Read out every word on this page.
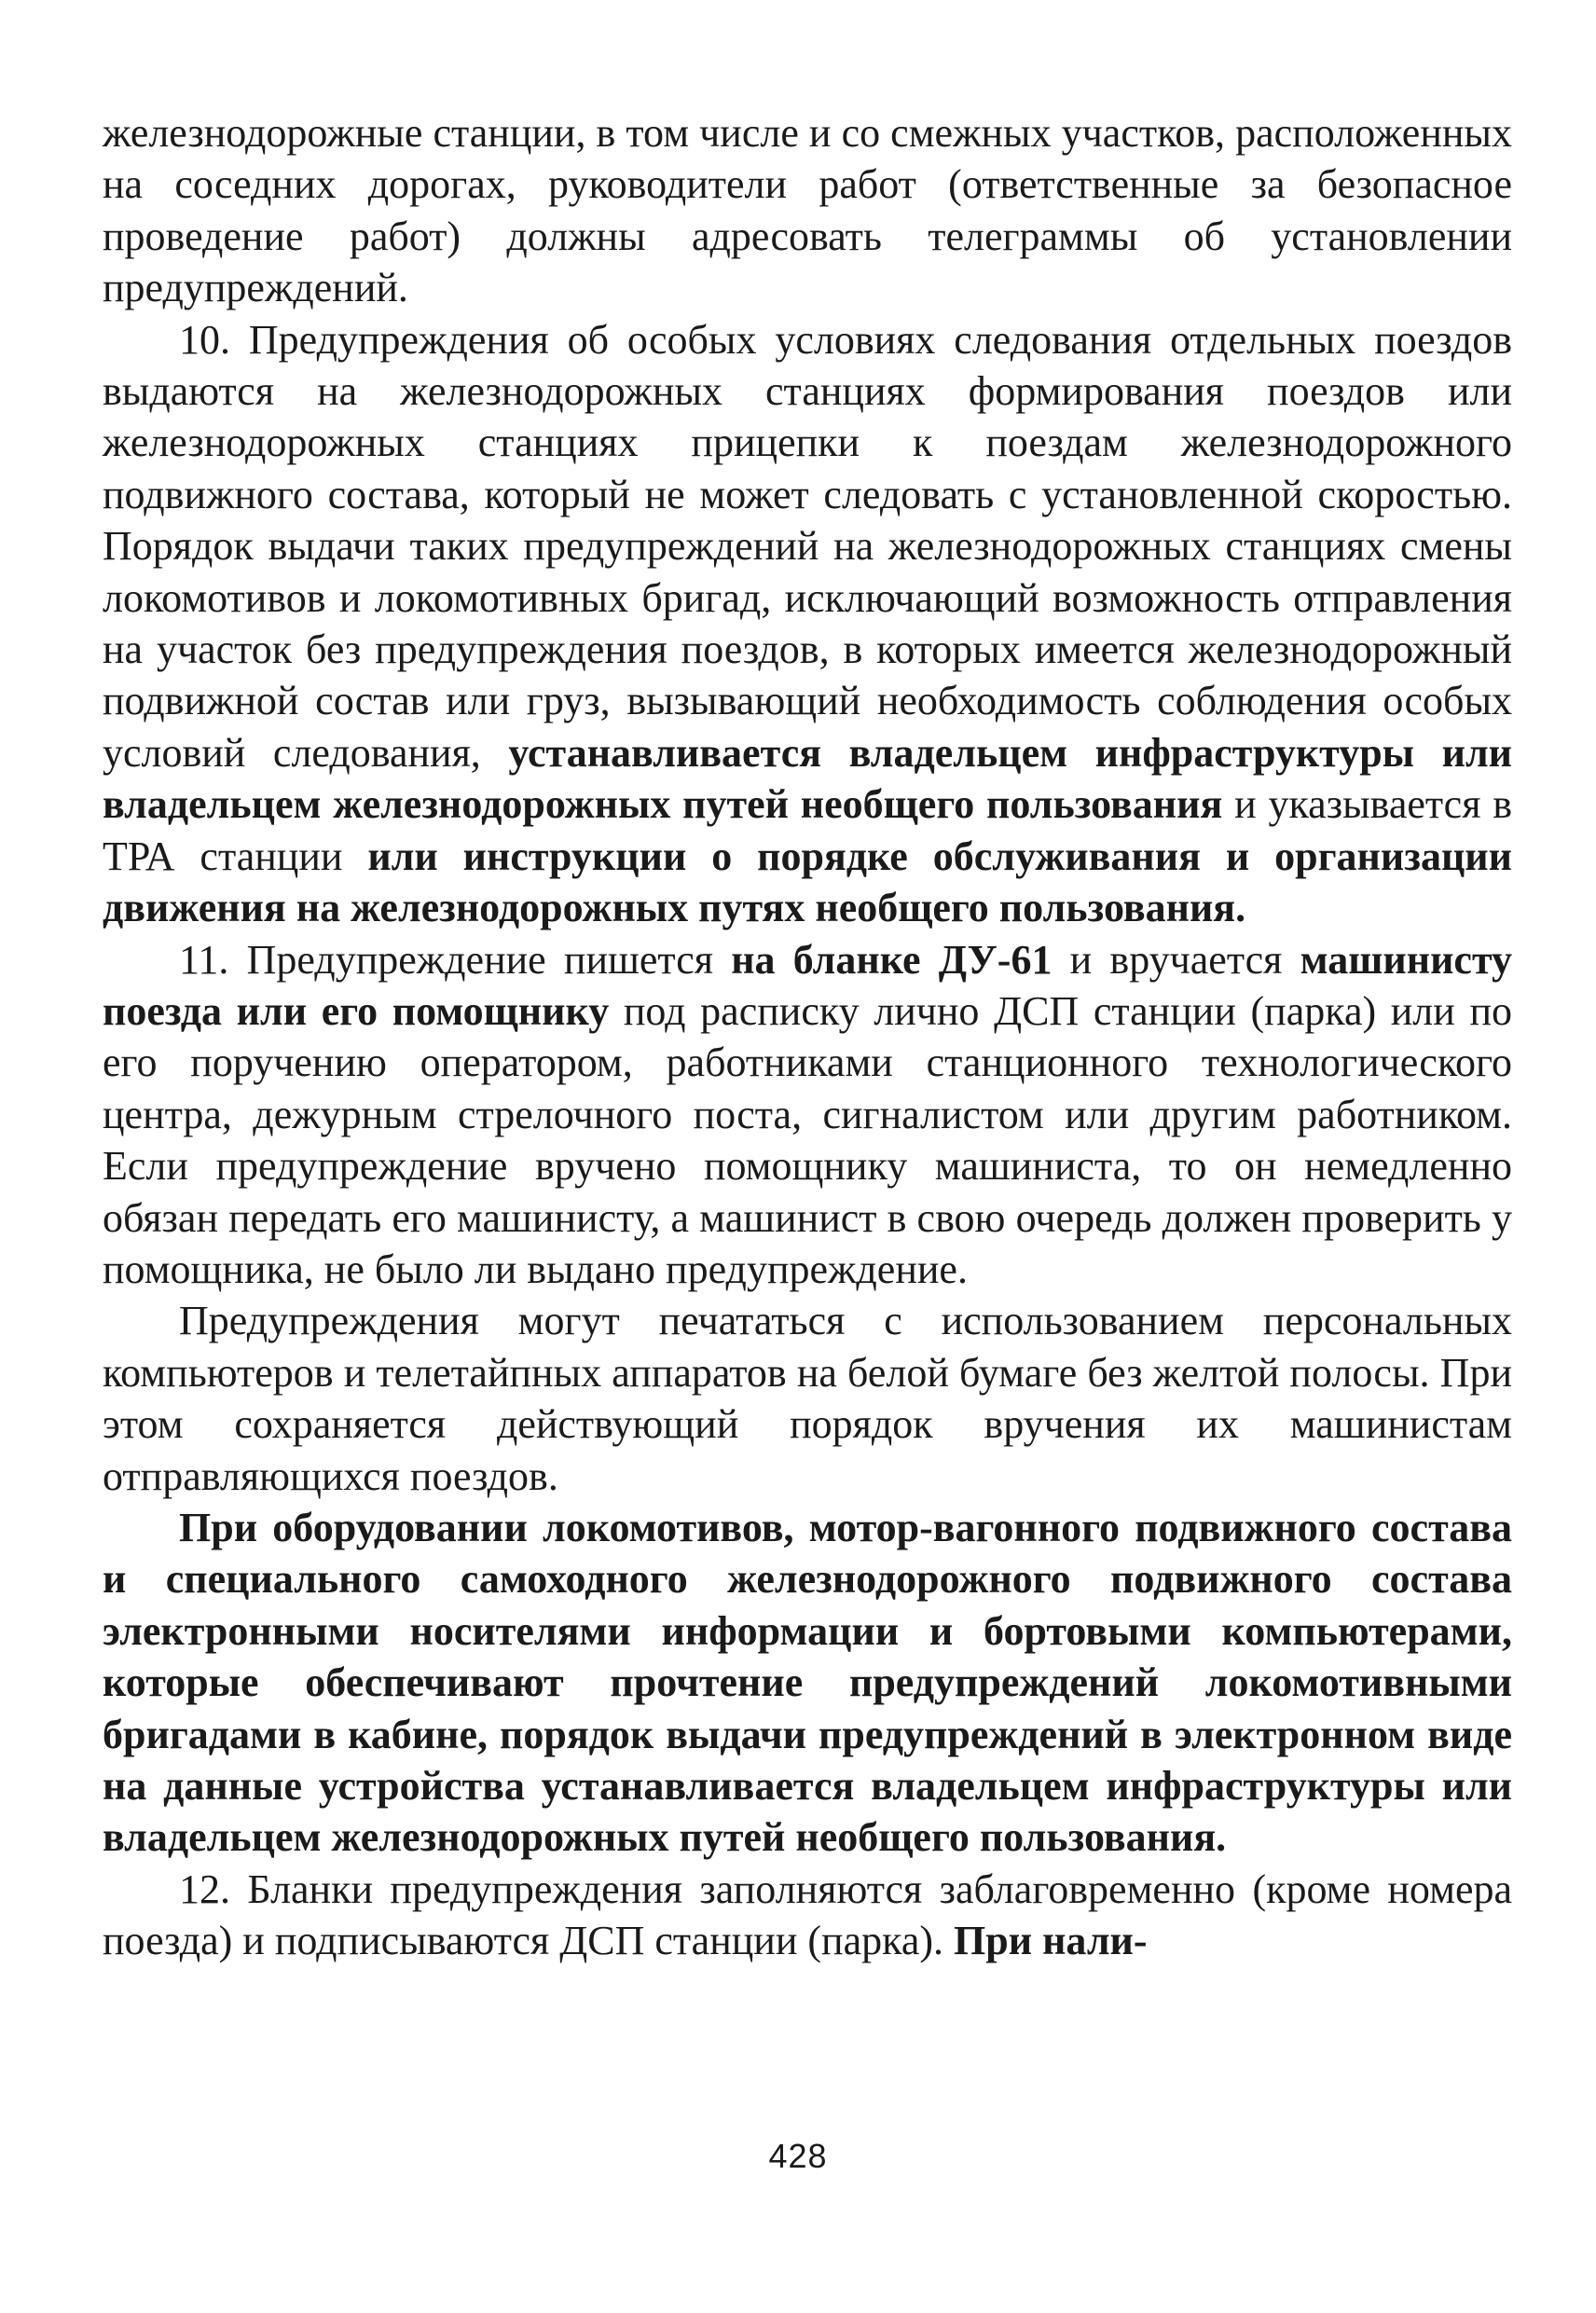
железнодорожные станции, в том числе и со смежных участков, расположенных на соседних дорогах, руководители работ (ответственные за безопасное проведение работ) должны адресовать телеграммы об установлении предупреждений.

10. Предупреждения об особых условиях следования отдельных поездов выдаются на железнодорожных станциях формирования поездов или железнодорожных станциях прицепки к поездам железнодорожного подвижного состава, который не может следовать с установленной скоростью. Порядок выдачи таких предупреждений на железнодорожных станциях смены локомотивов и локомотивных бригад, исключающий возможность отправления на участок без предупреждения поездов, в которых имеется железнодорожный подвижной состав или груз, вызывающий необходимость соблюдения особых условий следования, устанавливается владельцем инфраструктуры или владельцем железнодорожных путей необщего пользования и указывается в ТРА станции или инструкции о порядке обслуживания и организации движения на железнодорожных путях необщего пользования.

11. Предупреждение пишется на бланке ДУ-61 и вручается машинисту поезда или его помощнику под расписку лично ДСП станции (парка) или по его поручению оператором, работниками станционного технологического центра, дежурным стрелочного поста, сигналистом или другим работником. Если предупреждение вручено помощнику машиниста, то он немедленно обязан передать его машинисту, а машинист в свою очередь должен проверить у помощника, не было ли выдано предупреждение.

Предупреждения могут печататься с использованием персональных компьютеров и телетайпных аппаратов на белой бумаге без желтой полосы. При этом сохраняется действующий порядок вручения их машинистам отправляющихся поездов.

При оборудовании локомотивов, мотор-вагонного подвижного состава и специального самоходного железнодорожного подвижного состава электронными носителями информации и бортовыми компьютерами, которые обеспечивают прочтение предупреждений локомотивными бригадами в кабине, порядок выдачи предупреждений в электронном виде на данные устройства устанавливается владельцем инфраструктуры или владельцем железнодорожных путей необщего пользования.

12. Бланки предупреждения заполняются заблаговременно (кроме номера поезда) и подписываются ДСП станции (парка). При нали-

428
